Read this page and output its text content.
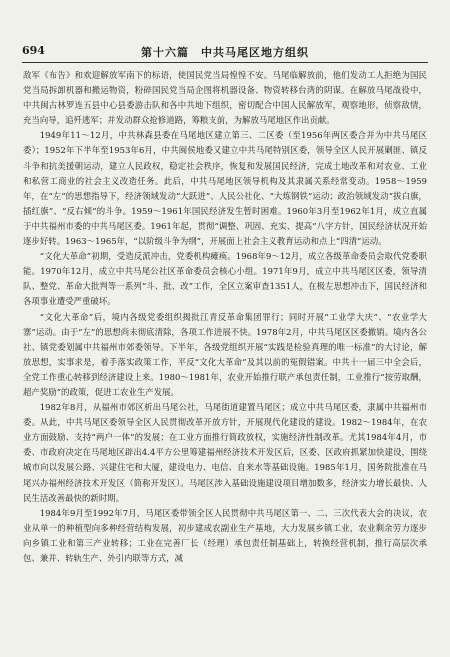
694	第十六篇　中共马尾区地方组织

敌军《布告》和欢迎解放军南下的标语，使国民党当局惶惶不安。马尾临解放前，他们发动工人拒绝为国民党当局拆卸机器和搬运物资，粉碎国民党当局企图将机器设备、物资转移台湾的阴谋。在解放马尾战役中，中共闽古林罗连五县中心县委游击队和各中共地下组织，密切配合中国人民解放军，观察地形，侦察敌情，充当向导，追歼逃军；并发动群众抢修道路，筹粮支前，为解放马尾地区作出贡献。

1949年11～12月，中共林森县委在马尾地区建立第三、二区委（至1956年两区委合并为中共马尾区委）；1952年下半年至1953年6月，中共闽侯地委又建立中共马尾特别区委，领导全区人民开展剿匪、镇反斗争和抗美援朝运动，建立人民政权，稳定社会秩序，恢复和发展国民经济，完成土地改革和对农业、工业和私营工商业的社会主义改造任务。此后，中共马尾地区领导机构及其隶属关系经常变动。1958～1959年，在“左”的思想指导下，经济领域发动“大跃进”、人民公社化、“大炼钢铁”运动；政治领域发动“拔白旗，插红旗”、“反右倾”的斗争。1959～1961年国民经济发生暂时困难。1960年3月至1962年1月，成立直属于中共福州市委的中共马尾区委。1961年起，贯彻“调整、巩固、充实、提高”八字方针，国民经济状况开始逐步好转。1963～1965年，“以阶级斗争为纲”，开展面上社会主义教育运动和点上“四清”运动。

“文化大革命”初期，受造反派冲击，党委机构瘫痪。1968年9～12月，成立各级革命委员会取代党委职能。1970年12月，成立中共马尾公社区革命委员会核心小组。1971年9月，成立中共马尾区区委，领导清队、整党、革命大批判等一系列“斗、批、改”工作，全区立案审查1351人，在极左思想冲击下，国民经济和各项事业遭受严重破坏。

“文化大革命”后，境内各级党委组织揭批江青反革命集团罪行；同时开展“工业学大庆”、“农业学大寨”运动。由于“左”的思想尚未彻底清除，各项工作进展不快。1978年2月，中共马尾区区委撤销。境内各公社、镇党委划属中共福州市郊委领导。下半年，各级党组织开展“实践是检验真理的唯一标准”的大讨论，解放思想，实事求是，着手落实政策工作，平反“文化大革命”及其以前的冤假错案。中共十一届三中全会后，全党工作重心转移到经济建设上来。1980～1981年，农业开始推行联产承包责任制，工业推行“按劳取酬，超产奖励”的政策，促进工农业生产发展。

1982年8月，从福州市郊区析出马尾公社，马尾街道建置马尾区；成立中共马尾区委，隶属中共福州市委。从此，中共马尾区委领导全区人民贯彻改革开放方针，开展现代化建设的建设。1982～1984年，在农业方面鼓励、支持“两户一体”的发展；在工业方面推行简政放权，实施经济性制改革。尤其1984年4月，市委、市政府决定在马尾地区辟出4.4平方公里筹建福州经济技术开发区后，区委、区政府抓紧加快建设，围绕城市向以发展公路、兴建住宅和大厦，建设电力、电信、自来水等基础设施。1985年1月，国务院批准在马尾兴办福州经济技术开发区（简称开发区）。马尾区涉入基础设施建设项目增加数多，经济实力增长最快、人民生活改善最快的新时期。

1984年9月至1992年7月，马尾区委带领全区人民贯彻中共马尾区第一、二、三次代表大会的决议，农业从单一的种植型向多种经营结构发展，初步建成农副业生产基地，大力发展乡镇工业，农业剩余劳力逐步向乡镇工业和第三产业转移；工业在完善厂长（经理）承包责任制基础上，转换经营机制，推行高层次承包、兼并、转轨生产、外引内联等方式，减
